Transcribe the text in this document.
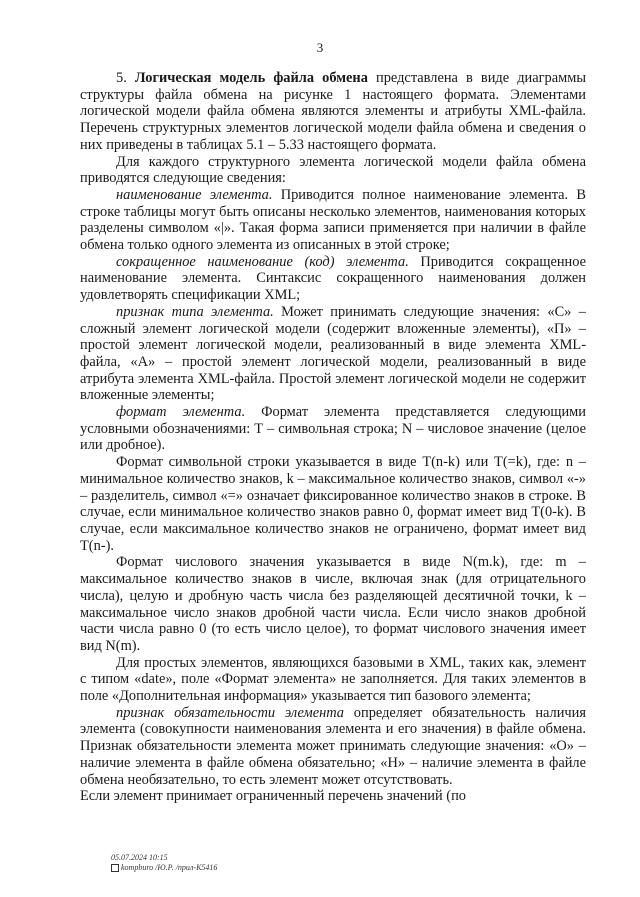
3

5. Логическая модель файла обмена представлена в виде диаграммы структуры файла обмена на рисунке 1 настоящего формата. Элементами логической модели файла обмена являются элементы и атрибуты XML-файла. Перечень структурных элементов логической модели файла обмена и сведения о них приведены в таблицах 5.1 – 5.33 настоящего формата.

Для каждого структурного элемента логической модели файла обмена приводятся следующие сведения:

наименование элемента. Приводится полное наименование элемента. В строке таблицы могут быть описаны несколько элементов, наименования которых разделены символом «|». Такая форма записи применяется при наличии в файле обмена только одного элемента из описанных в этой строке;

сокращенное наименование (код) элемента. Приводится сокращенное наименование элемента. Синтаксис сокращенного наименования должен удовлетворять спецификации XML;

признак типа элемента. Может принимать следующие значения: «С» – сложный элемент логической модели (содержит вложенные элементы), «П» – простой элемент логической модели, реализованный в виде элемента XML-файла, «А» – простой элемент логической модели, реализованный в виде атрибута элемента XML-файла. Простой элемент логической модели не содержит вложенные элементы;

формат элемента. Формат элемента представляется следующими условными обозначениями: Т – символьная строка; N – числовое значение (целое или дробное).

Формат символьной строки указывается в виде Т(n-k) или Т(=k), где: n – минимальное количество знаков, k – максимальное количество знаков, символ «-» – разделитель, символ «=» означает фиксированное количество знаков в строке. В случае, если минимальное количество знаков равно 0, формат имеет вид Т(0-k). В случае, если максимальное количество знаков не ограничено, формат имеет вид Т(n-).

Формат числового значения указывается в виде N(m.k), где: m – максимальное количество знаков в числе, включая знак (для отрицательного числа), целую и дробную часть числа без разделяющей десятичной точки, k – максимальное число знаков дробной части числа. Если число знаков дробной части числа равно 0 (то есть число целое), то формат числового значения имеет вид N(m).

Для простых элементов, являющихся базовыми в XML, таких как, элемент с типом «date», поле «Формат элемента» не заполняется. Для таких элементов в поле «Дополнительная информация» указывается тип базового элемента;

признак обязательности элемента определяет обязательность наличия элемента (совокупности наименования элемента и его значения) в файле обмена. Признак обязательности элемента может принимать следующие значения: «О» – наличие элемента в файле обмена обязательно; «Н» – наличие элемента в файле обмена необязательно, то есть элемент может отсутствовать.

Если элемент принимает ограниченный перечень значений (по

05.07.2024 10:15
kompburo /Ю.Р. /прил-К5416
